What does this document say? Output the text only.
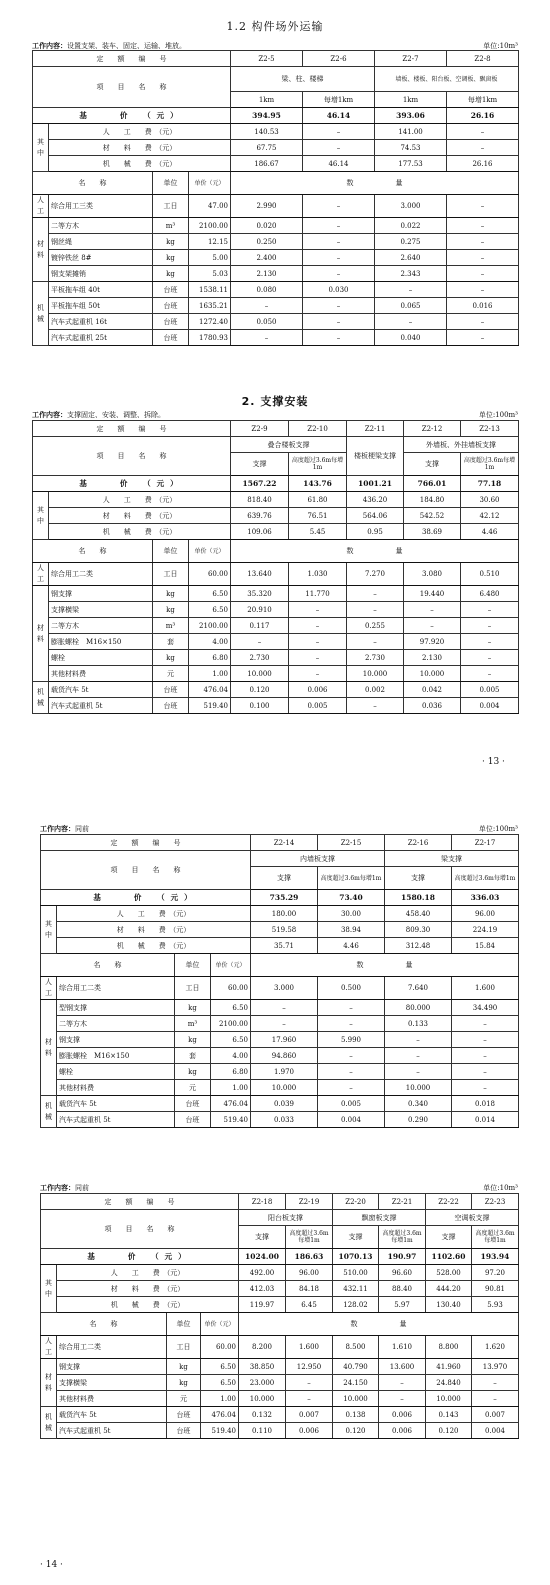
1.2 构件场外运输
工作内容：设置支架、装车、固定、运输、堆放。	单位:10m³
定　　额　　编　　号				Z2-5	Z2-6	Z2-7	Z2-8
项　　目　　名　　称				梁、柱、楼梯		墙板、楼板、阳台板、空调板、飘窗板	
				1km	每增1km	1km	每增1km
基　　价　（元）				394.95	46.14	393.06	26.16
其中	人　　工　　费　（元）			140.53	–	141.00	–
	材　　料　　费　（元）			67.75	–	74.53	–
	机　　械　　费　（元）			186.67	46.14	177.53	26.16
名　　称		单位	单价（元）	数　　　　　　量			
人工	综合用工三类	工日	47.00	2.990	–	3.000	–
材料	二等方木	m³	2100.00	0.020	–	0.022	–
	钢丝绳	kg	12.15	0.250	–	0.275	–
	镀锌铁丝 8#	kg	5.00	2.400	–	2.640	–
	钢支架摊销	kg	5.03	2.130	–	2.343	–
机械	平板拖车组 40t	台班	1538.11	0.080	0.030	–	–
	平板拖车组 50t	台班	1635.21	–	–	0.065	0.016
	汽车式起重机 16t	台班	1272.40	0.050	–	–	–
	汽车式起重机 25t	台班	1780.93	–	–	0.040	–
2. 支撑安装
工作内容：支撑固定、安装、调整、拆除。	单位:100m³
定　　额　　编　　号				Z2-9	Z2-10	Z2-11	Z2-12	Z2-13
项　　目　　名　　称				叠合楼板支撑		楼板梗梁支撑	外墙板、外挂墙板支撑	
				支撑	高度超过3.6m每增1m		支撑	高度超过3.6m每增1m
基　　价　（元）				1567.22	143.76	1001.21	766.01	77.18
其中	人　　工　　费　（元）			818.40	61.80	436.20	184.80	30.60
	材　　料　　费　（元）			639.76	76.51	564.06	542.52	42.12
	机　　械　　费　（元）			109.06	5.45	0.95	38.69	4.46
名　　称		单位	单价（元）	数　　　　　　量				
人工	综合用工二类	工日	60.00	13.640	1.030	7.270	3.080	0.510
材料	钢支撑	kg	6.50	35.320	11.770	–	19.440	6.480
	支撑横梁	kg	6.50	20.910	–	–	–	–
	二等方木	m³	2100.00	0.117	–	0.255	–	–
	膨胀螺栓　M16×150	套	4.00	–	–	–	97.920	–
	螺栓	kg	6.80	2.730	–	2.730	2.130	–
	其他材料费	元	1.00	10.000	–	10.000	10.000	–
机械	载货汽车 5t	台班	476.04	0.120	0.006	0.002	0.042	0.005
	汽车式起重机 5t	台班	519.40	0.100	0.005	–	0.036	0.004
· 13 ·
工作内容：同前	单位:100m³
定　　额　　编　　号				Z2-14	Z2-15	Z2-16	Z2-17
项　　目　　名　　称				内墙板支撑		梁支撑	
				支撑	高度超过3.6m每增1m	支撑	高度超过3.6m每增1m
基　　价　（元）				735.29	73.40	1580.18	336.03
其中	人　　工　　费　（元）			180.00	30.00	458.40	96.00
	材　　料　　费　（元）			519.58	38.94	809.30	224.19
	机　　械　　费　（元）			35.71	4.46	312.48	15.84
名　　称		单位	单价（元）	数　　　　　　量			
人工	综合用工二类	工日	60.00	3.000	0.500	7.640	1.600
材料	型钢支撑	kg	6.50	–	–	80.000	34.490
	二等方木	m³	2100.00	–	–	0.133	–
	钢支撑	kg	6.50	17.960	5.990	–	–
	膨胀螺栓　M16×150	套	4.00	94.860	–	–	–
	螺栓	kg	6.80	1.970	–	–	–
	其他材料费	元	1.00	10.000	–	10.000	–
机械	载货汽车 5t	台班	476.04	0.039	0.005	0.340	0.018
	汽车式起重机 5t	台班	519.40	0.033	0.004	0.290	0.014
工作内容：同前	单位:10m³
定　　额　　编　　号				Z2-18	Z2-19	Z2-20	Z2-21	Z2-22	Z2-23
项　　目　　名　　称				阳台板支撑		飘窗板支撑		空调板支撑	
				支撑	高度超过3.6m每增1m	支撑	高度超过3.6m每增1m	支撑	高度超过3.6m每增1m
基　　价　（元）				1024.00	186.63	1070.13	190.97	1102.60	193.94
其中	人　　工　　费　（元）			492.00	96.00	510.00	96.60	528.00	97.20
	材　　料　　费　（元）			412.03	84.18	432.11	88.40	444.20	90.81
	机　　械　　费　（元）			119.97	6.45	128.02	5.97	130.40	5.93
名　　称		单位	单价（元）	数　　　　　　量					
人工	综合用工二类	工日	60.00	8.200	1.600	8.500	1.610	8.800	1.620
材料	钢支撑	kg	6.50	38.850	12.950	40.790	13.600	41.960	13.970
	支撑横梁	kg	6.50	23.000	–	24.150	–	24.840	–
	其他材料费	元	1.00	10.000	–	10.000	–	10.000	–
机械	载货汽车 5t	台班	476.04	0.132	0.007	0.138	0.006	0.143	0.007
	汽车式起重机 5t	台班	519.40	0.110	0.006	0.120	0.006	0.120	0.004
· 14 ·
